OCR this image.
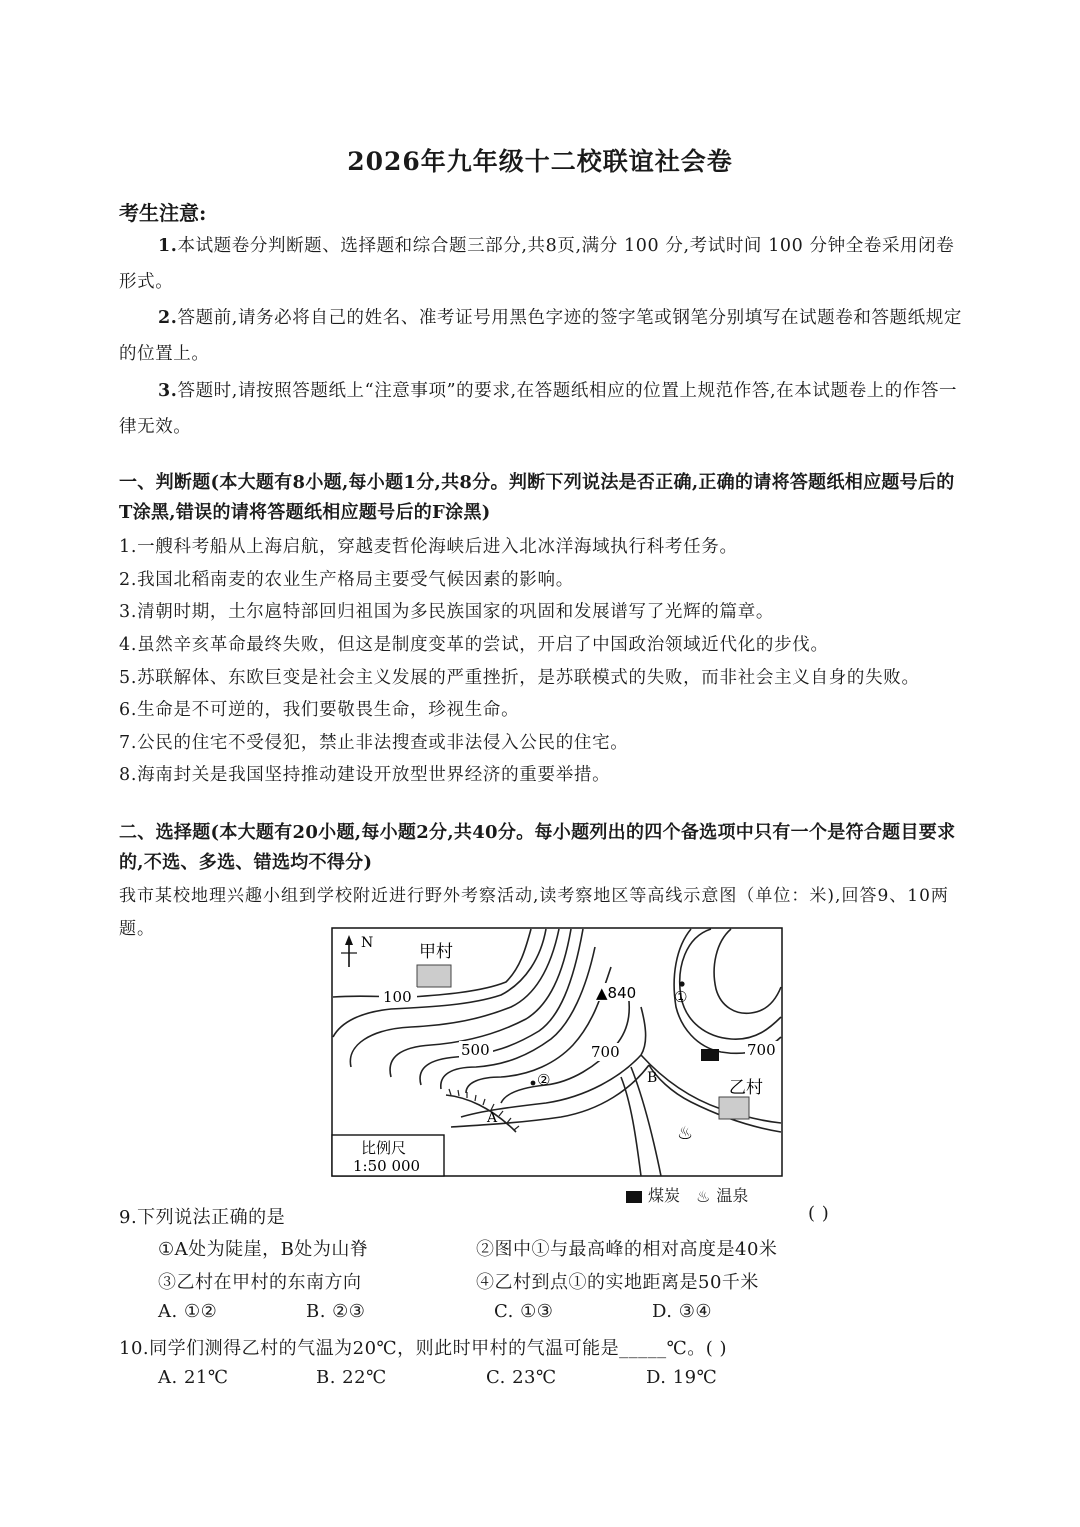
2026年九年级十二校联谊社会卷
考生注意:
1.本试题卷分判断题、选择题和综合题三部分,共8页,满分 100 分,考试时间 100 分钟全卷采用闭卷形式。
2.答题前,请务必将自己的姓名、准考证号用黑色字迹的签字笔或钢笔分别填写在试题卷和答题纸规定的位置上。
3.答题时,请按照答题纸上“注意事项”的要求,在答题纸相应的位置上规范作答,在本试题卷上的作答一律无效。
一、判断题(本大题有8小题,每小题1分,共8分。判断下列说法是否正确,正确的请将答题纸相应题号后的T涂黑,错误的请将答题纸相应题号后的F涂黑)
1.一艘科考船从上海启航，穿越麦哲伦海峡后进入北冰洋海域执行科考任务。
2.我国北稻南麦的农业生产格局主要受气候因素的影响。
3.清朝时期，土尔扈特部回归祖国为多民族国家的巩固和发展谱写了光辉的篇章。
4.虽然辛亥革命最终失败，但这是制度变革的尝试，开启了中国政治领域近代化的步伐。
5.苏联解体、东欧巨变是社会主义发展的严重挫折，是苏联模式的失败，而非社会主义自身的失败。
6.生命是不可逆的，我们要敬畏生命，珍视生命。
7.公民的住宅不受侵犯，禁止非法搜查或非法侵入公民的住宅。
8.海南封关是我国坚持推动建设开放型世界经济的重要举措。
二、选择题(本大题有20小题,每小题2分,共40分。每小题列出的四个备选项中只有一个是符合题目要求的,不选、多选、错选均不得分)
我市某校地理兴趣小组到学校附近进行野外考察活动,读考察地区等高线示意图（单位：米),回答9、10两题。
N	甲村
乙村
♨
100
500	700	700
▲840	①
②
A
B
比例尺
1:50 000
煤炭 ♨ 温泉
9.下列说法正确的是	( )
①A处为陡崖，B处为山脊	②图中①与最高峰的相对高度是40米
③乙村在甲村的东南方向	④乙村到点①的实地距离是50千米
A. ①②	B. ②③	C. ①③	D. ③④
10.同学们测得乙村的气温为20℃，则此时甲村的气温可能是_____℃。( )
A. 21℃	B. 22℃	C. 23℃	D. 19℃
